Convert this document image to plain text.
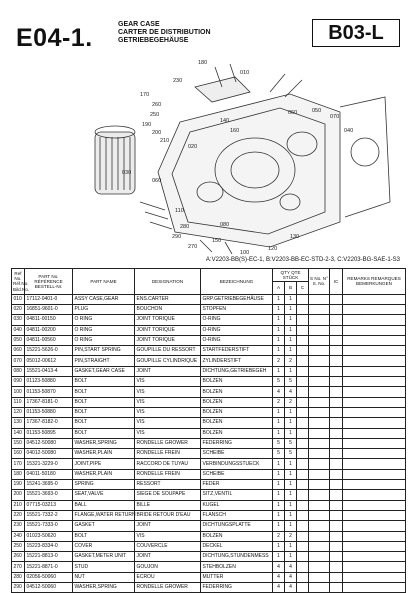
E04-1.	GEAR CASE
CARTER DE DISTRIBUTION
GETRIEBEGEHÄUSE	B03-L
180
230
010
170
260
250
190
200
210
140
160
020
060
070
050
040
030
060
110
080
270
280
290
150
130
120
100
A:V2203-BB(S)-EC-1, B:V2203-BB-EC-STD-2-3, C:V2203-BG-SAE-1-S3
Ref No. Réf.No. Bild.No.	PART No. RÉFÉRENCE BESTELL-Nr.	PART NAME	DESIGNATION	BEZEICHNUNG	QTY QTE STÜCK			S No. N° S. No.	IC	REMARKS REMARQUES BEMERKUNGEN
					A	B	C			
010	17112-0401-0	ASSY CASE,GEAR	ENS.CARTER	GRP.GETRIEBEGEHÄUSE	1	1				
020	16851-9601-0	PLUG	BOUCHON	STOPFEN	1	1				
030	04811-00150	O RING	JOINT TORIQUE	O-RING	1	1				
040	04811-00200	O RING	JOINT TORIQUE	O-RING	1	1				
050	04811-00560	O RING	JOINT TORIQUE	O-RING	1	1				
060	15221-5626-0	PIN,START SPRING	GOUPILLE DU RESSORT	STARTFEDERSTIFT	1	1				
070	05012-00612	PIN,STRAIGHT	GOUPILLE CYLINDRIQUE	ZYLINDERSTIFT	2	2				
080	15521-0413-4	GASKET,GEAR CASE	JOINT	DICHTUNG,GETRIEBEGEH	1	1				
090	01123-50880	BOLT	VIS	BOLZEN	5	5				
100	01153-50870	BOLT	VIS	BOLZEN	4	4				
110	17367-8181-0	BOLT	VIS	BOLZEN	2	2				
120	01153-50880	BOLT	VIS	BOLZEN	1	1				
130	17367-8182-0	BOLT	VIS	BOLZEN	1	1				
140	01153-50895	BOLT	VIS	BOLZEN	1	1				
150	04512-50080	WASHER,SPRING	RONDELLE GROWER	FEDERRING	5	5				
160	04012-50080	WASHER,PLAIN	RONDELLE FREIN	SCHEIBE	5	5				
170	15321-3229-0	JOINT,PIPE	RACCORD DE TUYAU	VERBINDUNGSSTUECK	1	1				
180	04011-50180	WASHER,PLAIN	RONDELLE FREIN	SCHEIBE	1	1				
190	15241-3695-0	SPRING	RESSORT	FEDER	1	1				
200	15521-3693-0	SEAT,VALVE	SIEGE DE SOUPAPE	SITZ,VENTIL	1	1				
210	07715-03213	BALL	BILLE	KUGEL	1	1				
220	15521-7332-2	FLANGE,WATER RETURN	BRIDE RETOUR D'EAU	FLANSCH	1	1				
230	15521-7333-0	GASKET	JOINT	DICHTUNGSPLATTE	1	1				
240	01023-50620	BOLT	VIS	BOLZEN	2	2				
250	15223-8334-0	COVER	COUVERCLE	DECKEL	1	1				
260	15221-8813-0	GASKET,METER UNIT	JOINT	DICHTUNG,STUNDENMESS	1	1				
270	15221-8871-0	STUD	GOUJON	STEHBOLZEN	4	4				
280	02056-50060	NUT	ECROU	MUTTER	4	4				
290	04512-50060	WASHER,SPRING	RONDELLE GROWER	FEDERRING	4	4				
